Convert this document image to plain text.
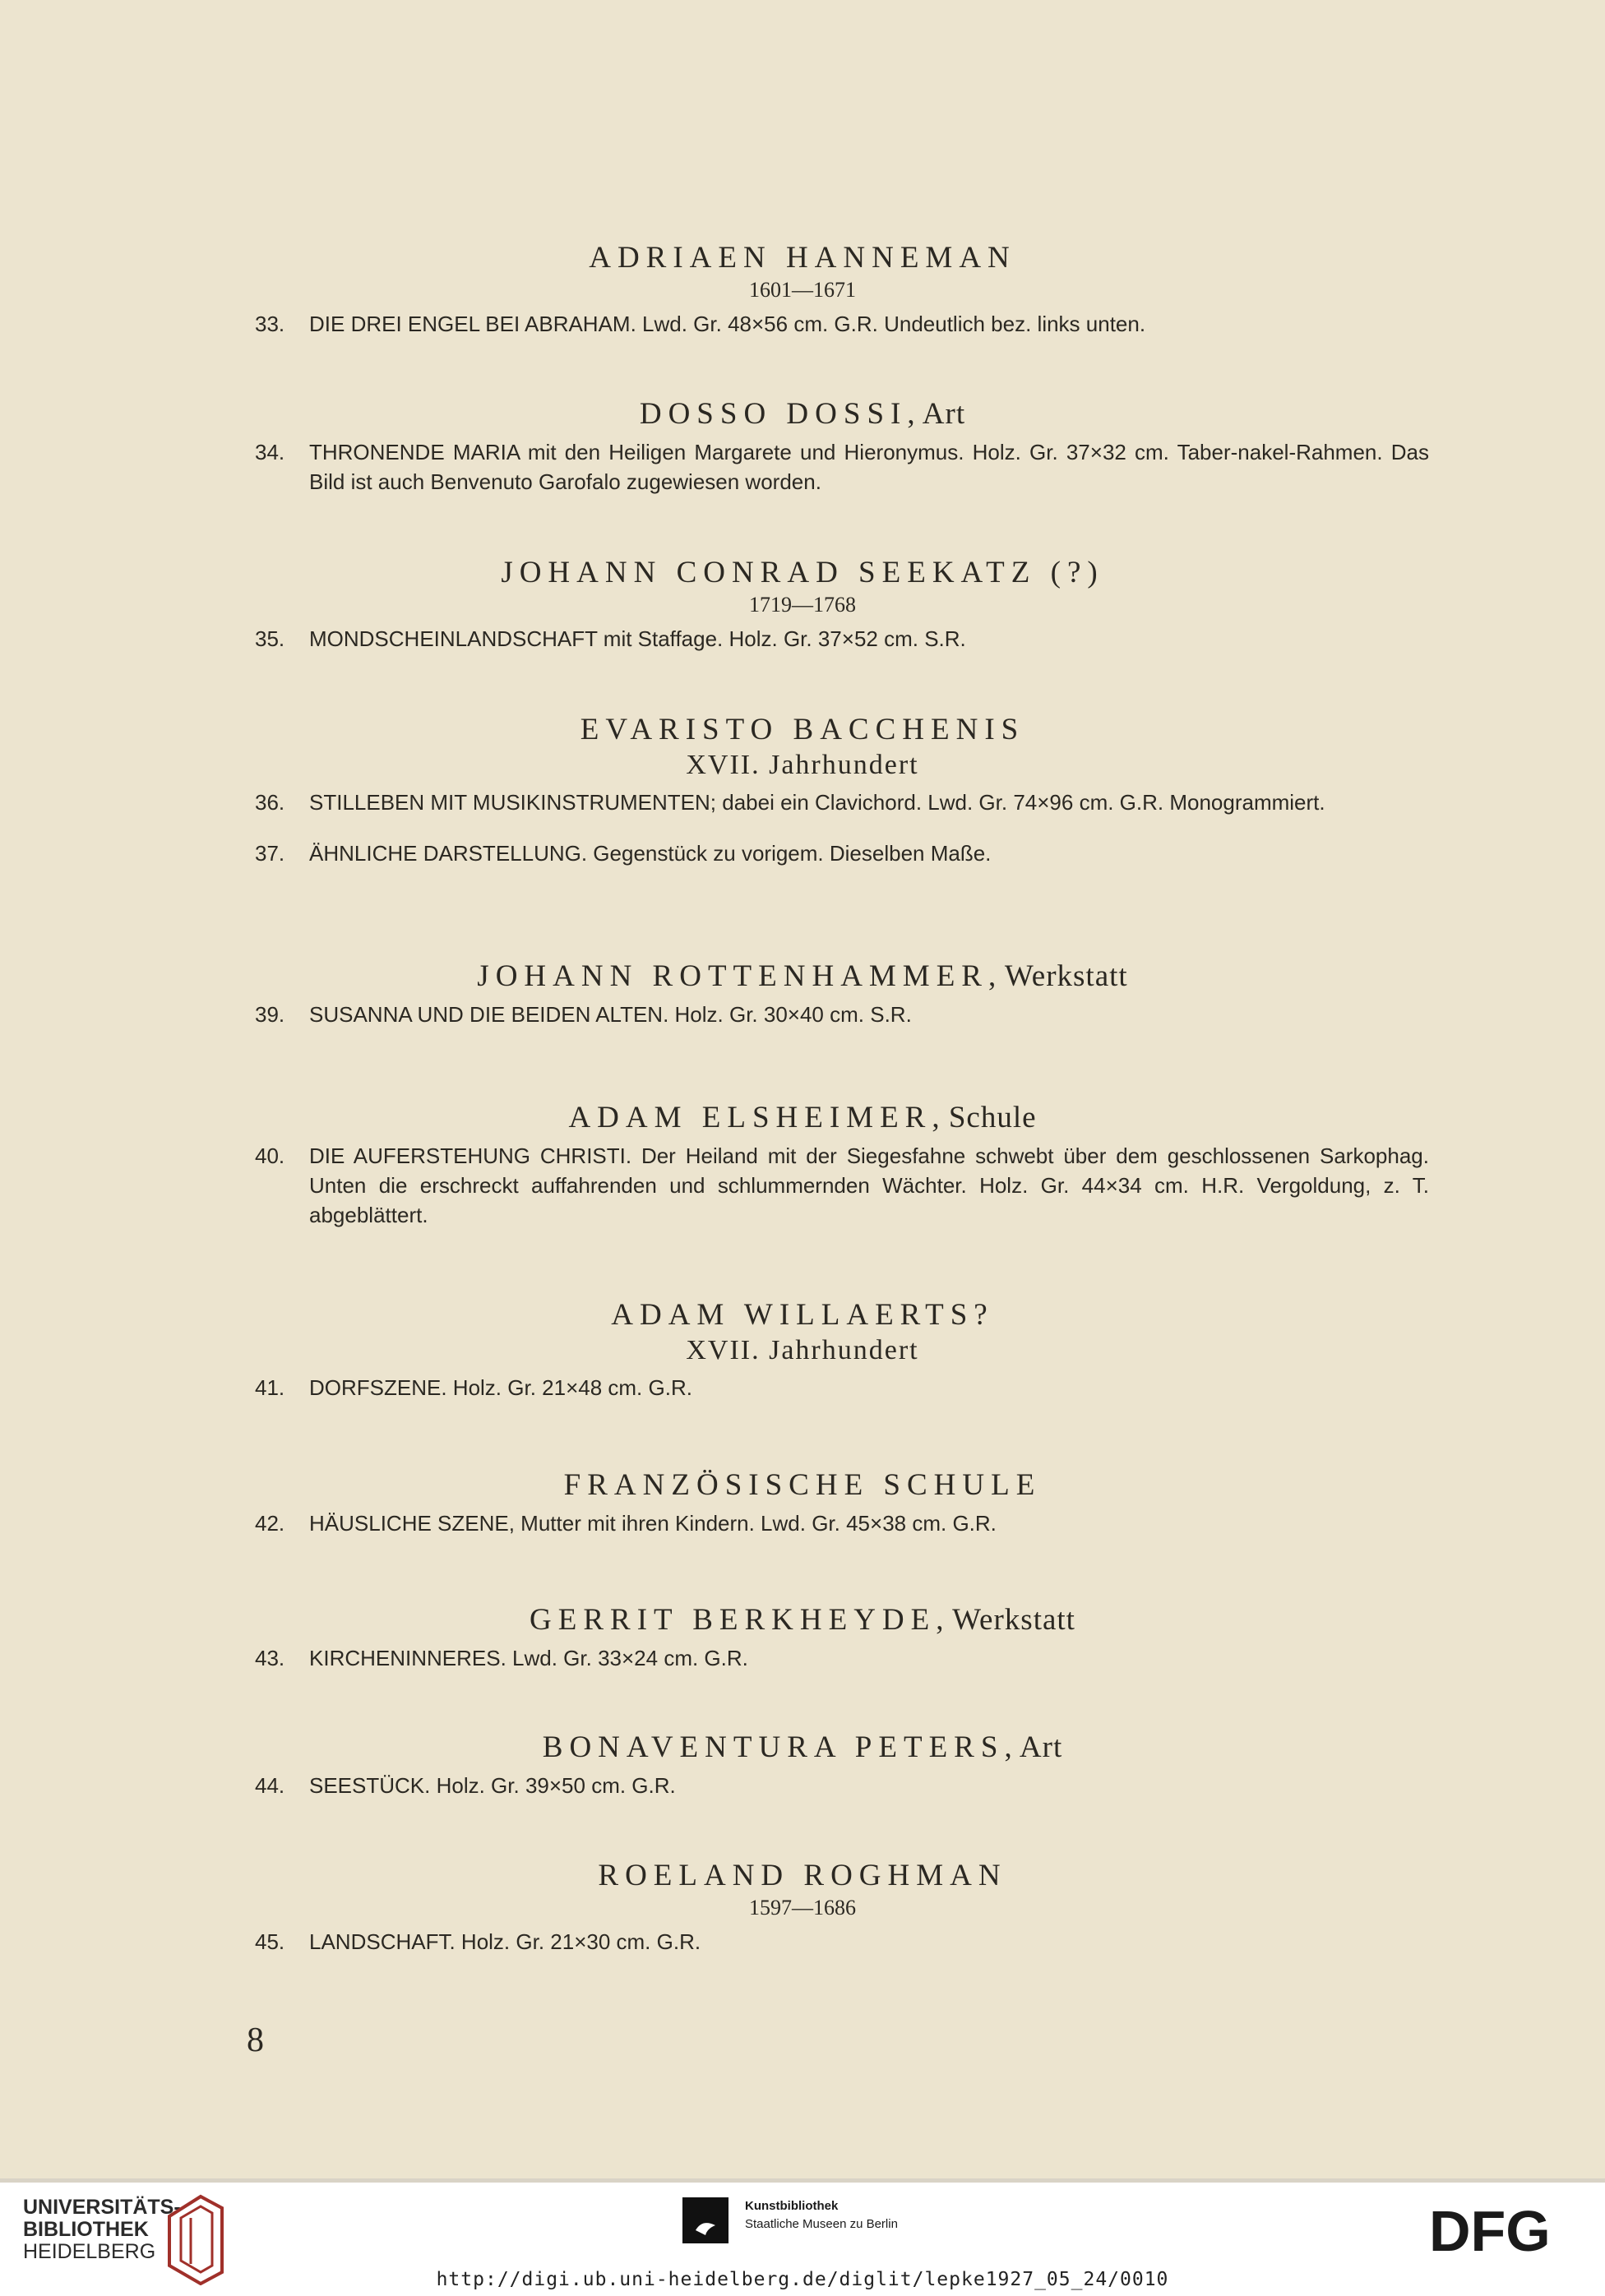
ADRIAEN HANNEMAN
1601—1671
33.	DIE DREI ENGEL BEI ABRAHAM. Lwd. Gr. 48×56 cm. G.R. Undeutlich bez. links unten.
DOSSO DOSSI, Art
34.	THRONENDE MARIA mit den Heiligen Margarete und Hieronymus. Holz. Gr. 37×32 cm. Taber-nakel-Rahmen. Das Bild ist auch Benvenuto Garofalo zugewiesen worden.
JOHANN CONRAD SEEKATZ (?)
1719—1768
35.	MONDSCHEINLANDSCHAFT mit Staffage. Holz. Gr. 37×52 cm. S.R.
EVARISTO BACCHENIS
XVII. Jahrhundert
36.	STILLEBEN MIT MUSIKINSTRUMENTEN; dabei ein Clavichord. Lwd. Gr. 74×96 cm. G.R. Monogrammiert.
37.	ÄHNLICHE DARSTELLUNG. Gegenstück zu vorigem. Dieselben Maße.
JOHANN ROTTENHAMMER, Werkstatt
39.	SUSANNA UND DIE BEIDEN ALTEN. Holz. Gr. 30×40 cm. S.R.
ADAM ELSHEIMER, Schule
40.	DIE AUFERSTEHUNG CHRISTI. Der Heiland mit der Siegesfahne schwebt über dem geschlossenen Sarkophag. Unten die erschreckt auffahrenden und schlummernden Wächter. Holz. Gr. 44×34 cm. H.R. Vergoldung, z. T. abgeblättert.
ADAM WILLAERTS?
XVII. Jahrhundert
41.	DORFSZENE. Holz. Gr. 21×48 cm. G.R.
FRANZÖSISCHE SCHULE
42.	HÄUSLICHE SZENE, Mutter mit ihren Kindern. Lwd. Gr. 45×38 cm. G.R.
GERRIT BERKHEYDE, Werkstatt
43.	KIRCHENINNERES. Lwd. Gr. 33×24 cm. G.R.
BONAVENTURA PETERS, Art
44.	SEESTÜCK. Holz. Gr. 39×50 cm. G.R.
ROELAND ROGHMAN
1597—1686
45.	LANDSCHAFT. Holz. Gr. 21×30 cm. G.R.
8
UNIVERSITÄTS-
BIBLIOTHEK
HEIDELBERG
Kunstbibliothek
Staatliche Museen zu Berlin	DFG
http://digi.ub.uni-heidelberg.de/diglit/lepke1927_05_24/0010
